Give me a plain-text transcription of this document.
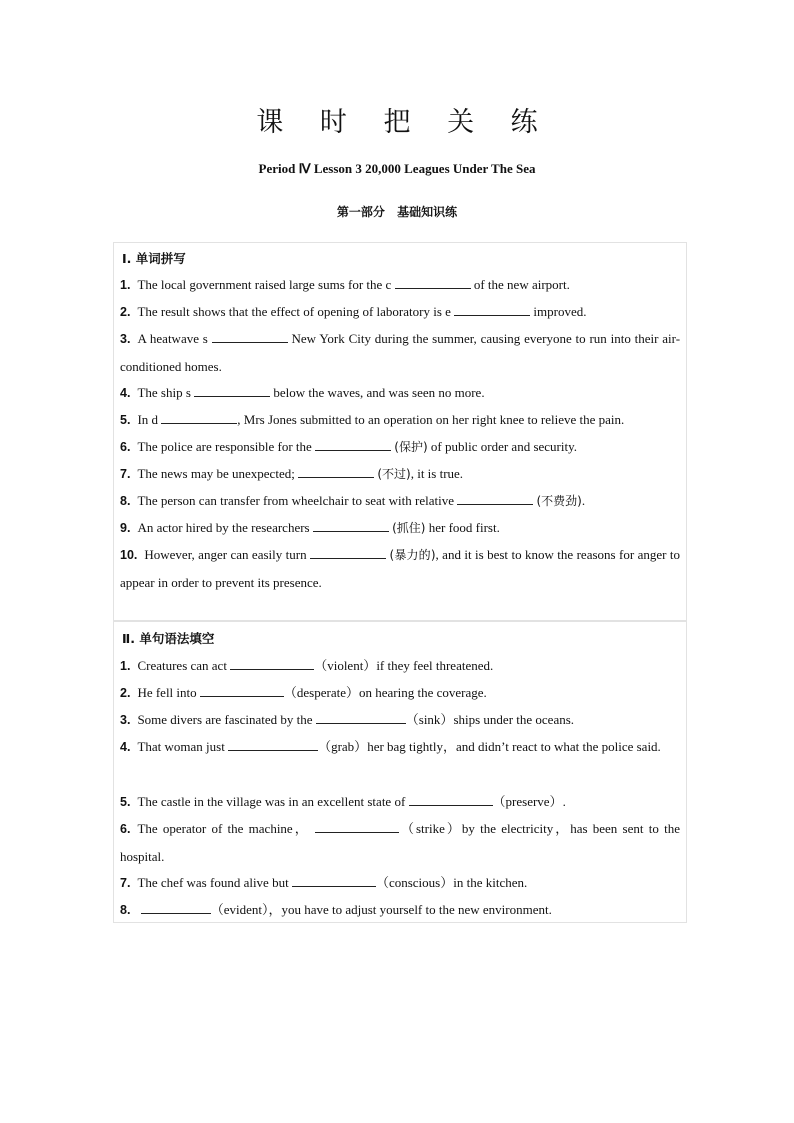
课 时 把 关 练
Period Ⅳ Lesson 3 20,000 Leagues Under The Sea
第一部分 基础知识练
Ⅰ. 单词拼写
1. The local government raised large sums for the c	of the new airport.
2. The result shows that the effect of opening of laboratory is e	improved.
3. A heatwave s	New York City during the summer, causing everyone to run into their air-conditioned homes.
4. The ship s	below the waves, and was seen no more.
5. In d	, Mrs Jones submitted to an operation on her right knee to relieve the pain.
6. The police are responsible for the	(保护) of public order and security.
7. The news may be unexpected;	(不过), it is true.
8. The person can transfer from wheelchair to seat with relative	(不费劲).
9. An actor hired by the researchers	(抓住) her food first.
10. However, anger can easily turn	(暴力的), and it is best to know the reasons for anger to appear in order to prevent its presence.
Ⅱ. 单句语法填空
1. Creatures can act	（violent）if they feel threatened.
2. He fell into	（desperate）on hearing the coverage.
3. Some divers are fascinated by the	（sink）ships under the oceans.
4. That woman just	（grab）her bag tightly，and didn’t react to what the police said.
5. The castle in the village was in an excellent state of	（preserve）.
6. The operator of the machine，	（strike）by the electricity，has been sent to the hospital.
7. The chef was found alive but	（conscious）in the kitchen.
8.	（evident），you have to adjust yourself to the new environment.
